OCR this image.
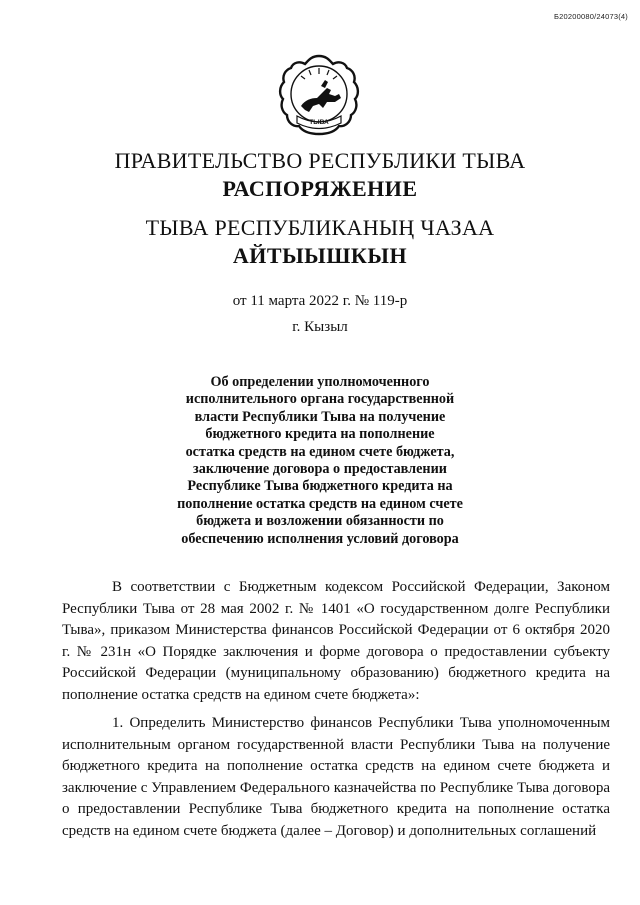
Б20200080/24073(4)
ТЫВА
ПРАВИТЕЛЬСТВО РЕСПУБЛИКИ ТЫВА
РАСПОРЯЖЕНИЕ
ТЫВА РЕСПУБЛИКАНЫҢ ЧАЗАА
АЙТЫЫШКЫН
от 11 марта 2022 г. № 119-р
г. Кызыл
Об определении уполномоченного
исполнительного органа государственной
власти Республики Тыва на получение
бюджетного кредита на пополнение
остатка средств на едином счете бюджета,
заключение договора о предоставлении
Республике Тыва бюджетного кредита на
пополнение остатка средств на едином счете
бюджета и возложении обязанности по
обеспечению исполнения условий договора
В соответствии с Бюджетным кодексом Российской Федерации, Законом Республики Тыва от 28 мая 2002 г. № 1401 «О государственном долге Республики Тыва», приказом Министерства финансов Российской Федерации от 6 октября 2020 г. № 231н «О Порядке заключения и форме договора о предоставлении субъекту Российской Федерации (муниципальному образованию) бюджетного кредита на пополнение остатка средств на едином счете бюджета»:
1. Определить Министерство финансов Республики Тыва уполномоченным исполнительным органом государственной власти Республики Тыва на получение бюджетного кредита на пополнение остатка средств на едином счете бюджета и заключение с Управлением Федерального казначейства по Республике Тыва договора о предоставлении Республике Тыва бюджетного кредита на пополнение остатка средств на едином счете бюджета (далее – Договор) и дополнительных соглашений
